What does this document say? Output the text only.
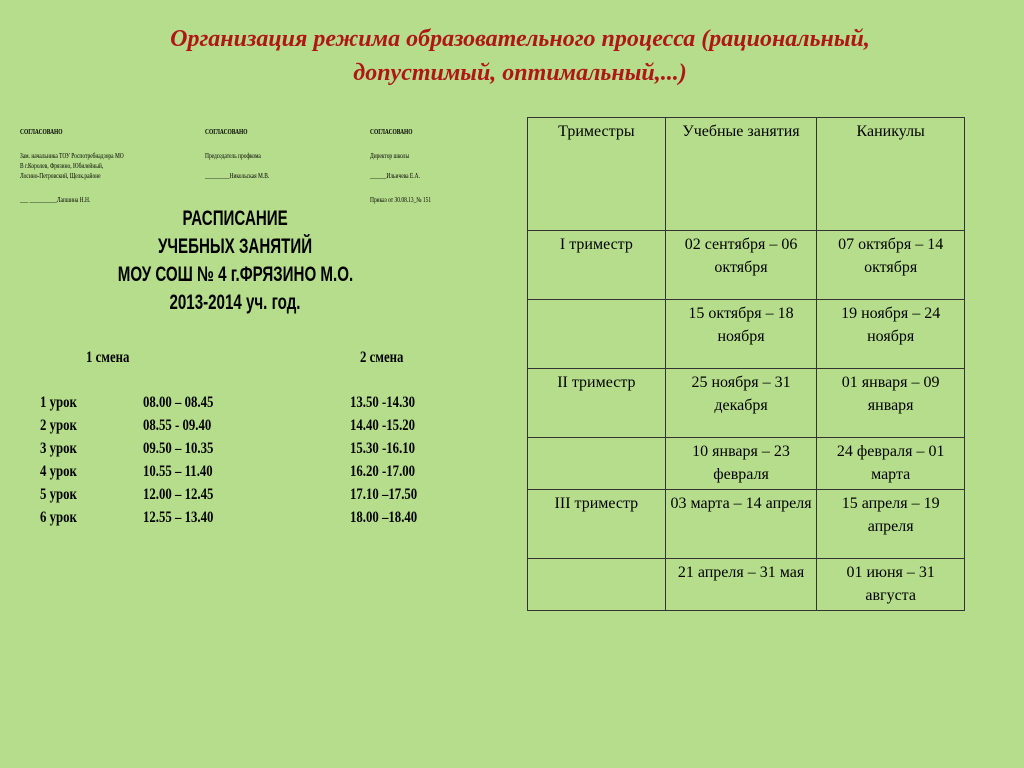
Организация режима образовательного процесса (рациональный,
допустимый, оптимальный,...)
СОГЛАСОВАНО
Зам. начальника ТОУ Роспотребнадзора МО
В г.Королев, Фрязино, Юбилейный,
Лосино-Петровский, Щелк.районе
___ __________Лапшина Н.Н.
СОГЛАСОВАНО
Председатель профкома
_________Никольская М.В.
СОГЛАСОВАНО
Директор школы
______Ильичева Е.А.
Приказ от 30.08.13_№ 151
РАСПИСАНИЕ
УЧЕБНЫХ ЗАНЯТИЙ
МОУ СОШ № 4 г.ФРЯЗИНО М.О.
2013-2014 уч. год.
1 смена	2 смена
1 урок	08.00 – 08.45	13.50 -14.30
2 урок	08.55 - 09.40	14.40 -15.20
3 урок	09.50 – 10.35	15.30 -16.10
4 урок	10.55 – 11.40	16.20 -17.00
5 урок	12.00 – 12.45	17.10 –17.50
6 урок	12.55 – 13.40	18.00 –18.40
Триместры	Учебные занятия	Каникулы
I триместр	02 сентября – 06 октября	07 октября – 14 октября
	15 октября – 18 ноября	19 ноября – 24 ноября
II триместр	25 ноября – 31 декабря	01 января – 09 января
	10 января – 23 февраля	24 февраля – 01 марта
III триместр	03 марта – 14 апреля	15 апреля – 19 апреля
	21 апреля – 31 мая	01 июня – 31 августа
